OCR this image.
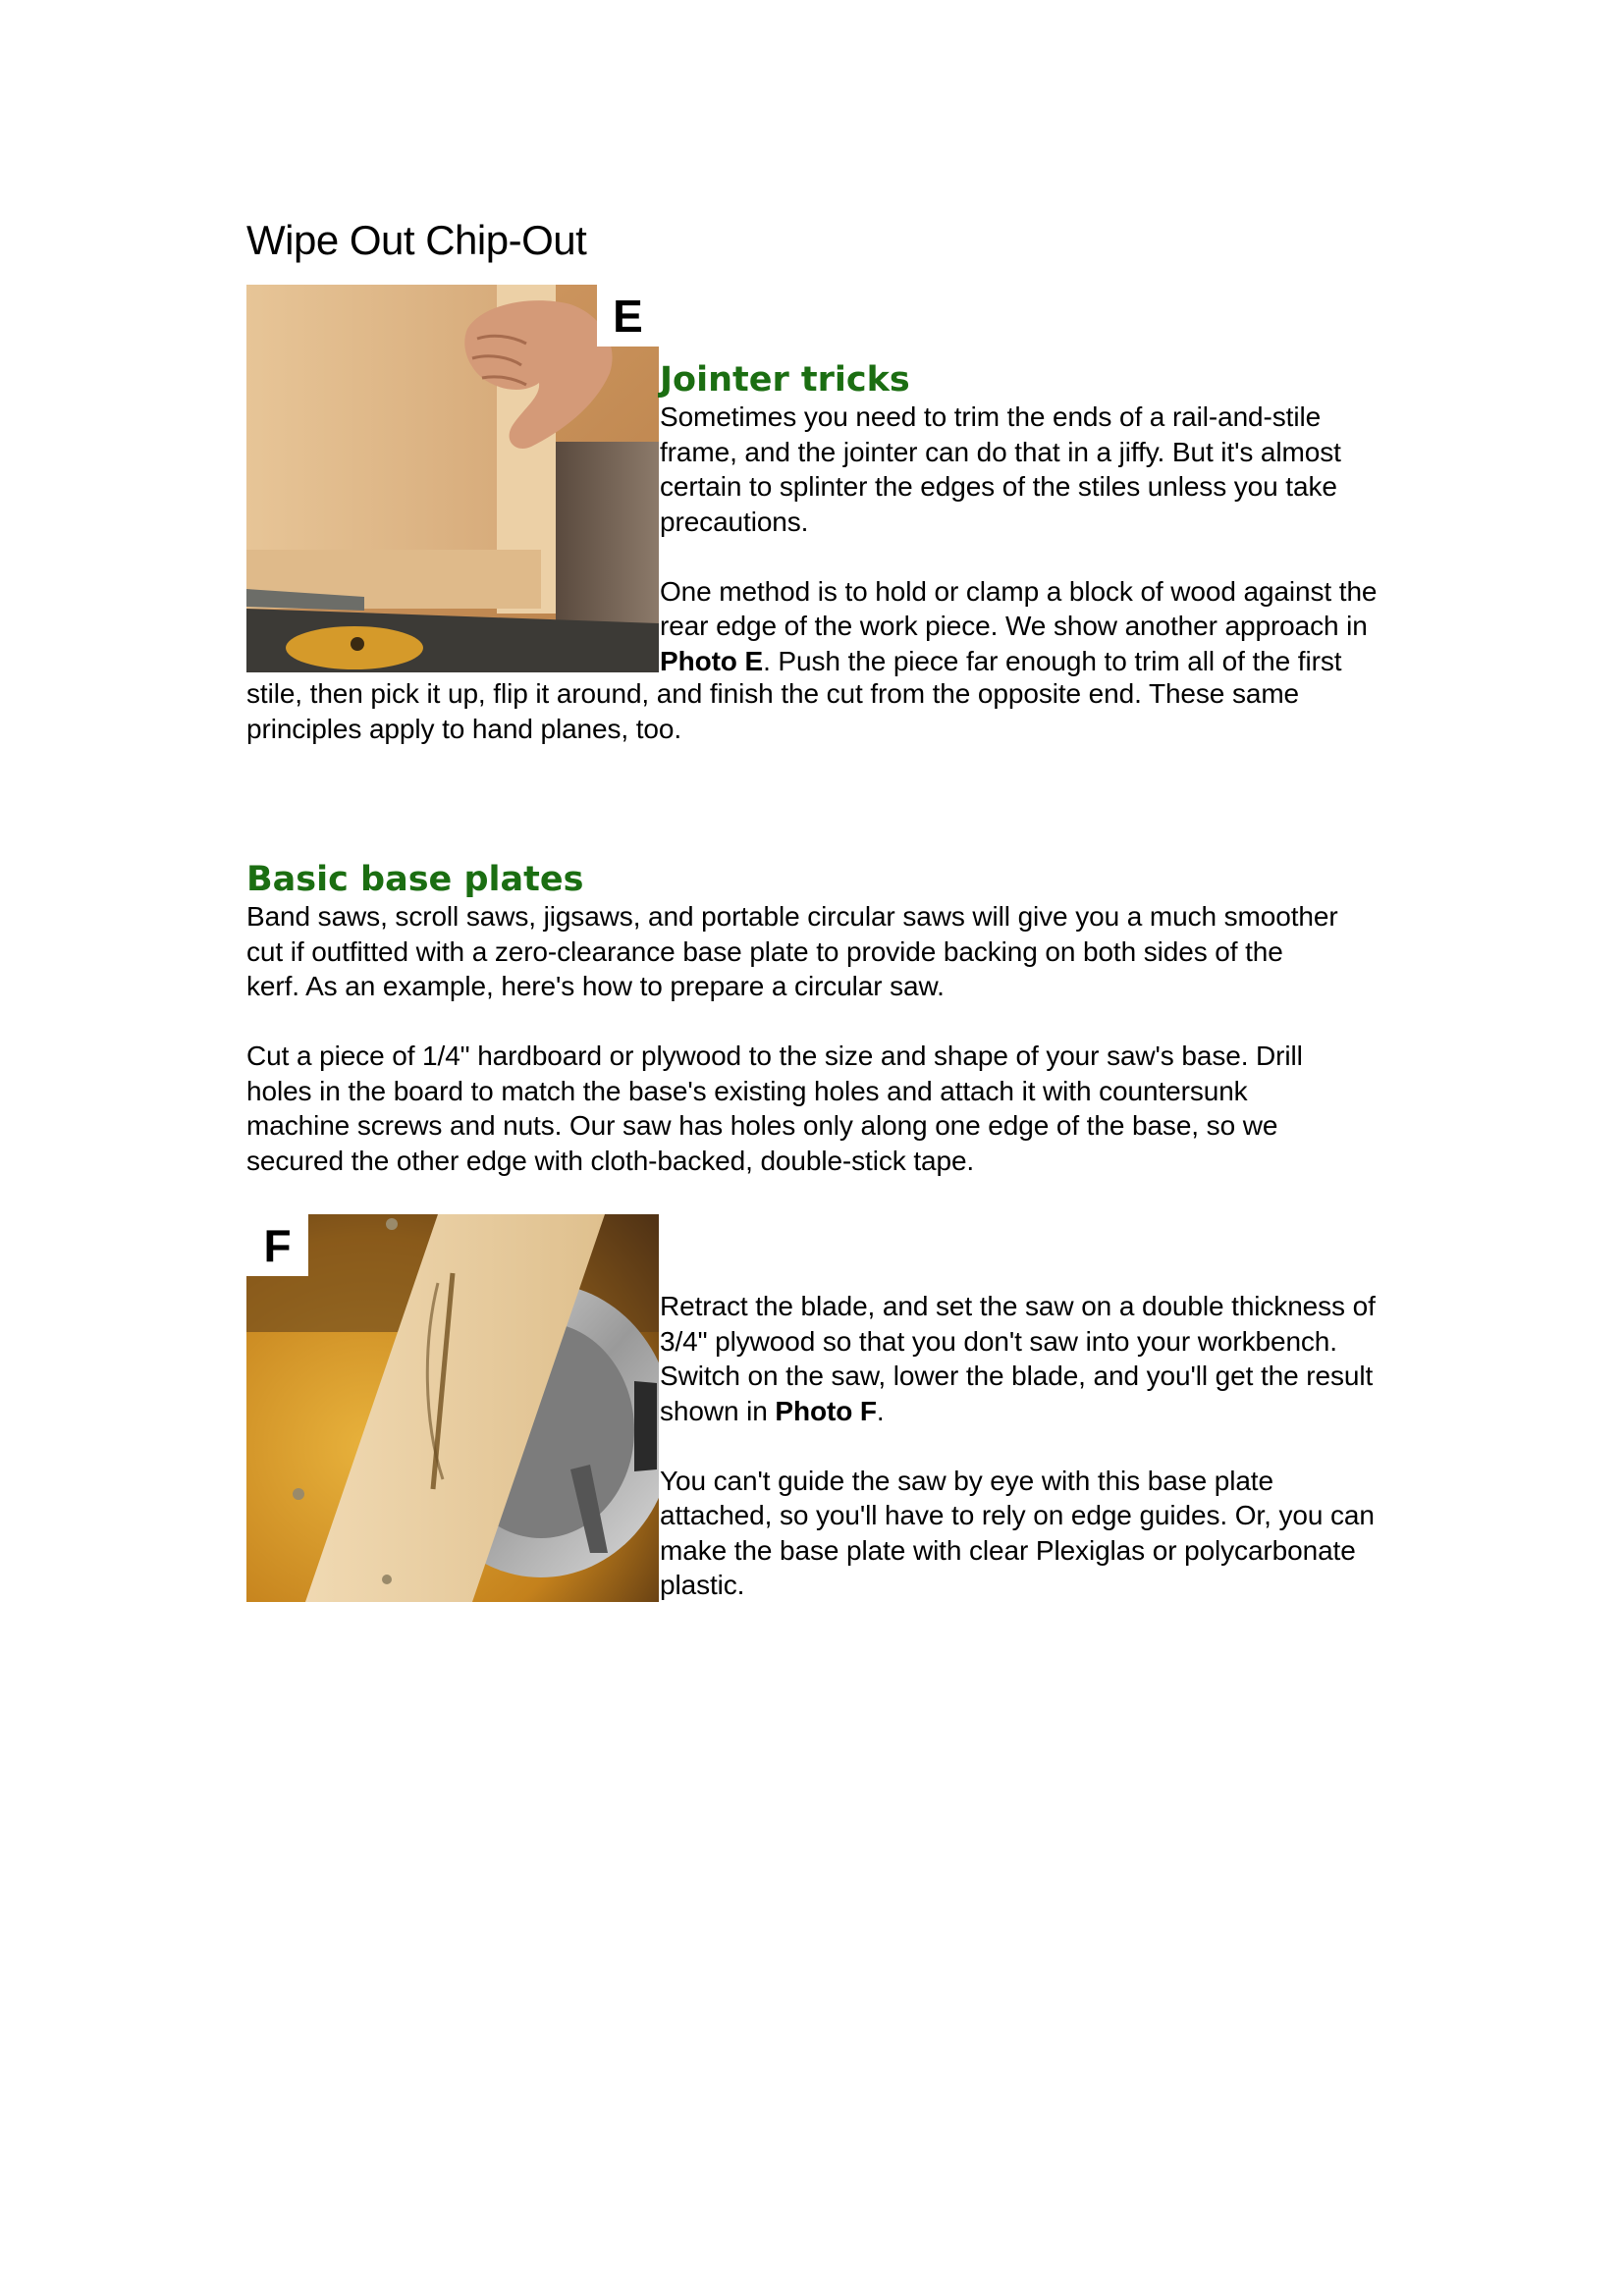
Wipe Out Chip-Out
E
Jointer tricks

Sometimes you need to trim the ends of a rail-and-stile
frame, and the jointer can do that in a jiffy. But it's almost
certain to splinter the edges of the stiles unless you take
precautions.

One method is to hold or clamp a block of wood against the
rear edge of the work piece. We show another approach in
Photo E. Push the piece far enough to trim all of the first

stile, then pick it up, flip it around, and finish the cut from the opposite end. These same
principles apply to hand planes, too.

Basic base plates

Band saws, scroll saws, jigsaws, and portable circular saws will give you a much smoother
cut if outfitted with a zero-clearance base plate to provide backing on both sides of the
kerf. As an example, here's how to prepare a circular saw.

Cut a piece of 1/4" hardboard or plywood to the size and shape of your saw's base. Drill
holes in the board to match the base's existing holes and attach it with countersunk
machine screws and nuts. Our saw has holes only along one edge of the base, so we
secured the other edge with cloth-backed, double-stick tape.

F

Retract the blade, and set the saw on a double thickness of
3/4" plywood so that you don't saw into your workbench.
Switch on the saw, lower the blade, and you'll get the result
shown in Photo F.

You can't guide the saw by eye with this base plate
attached, so you'll have to rely on edge guides. Or, you can
make the base plate with clear Plexiglas or polycarbonate
plastic.
